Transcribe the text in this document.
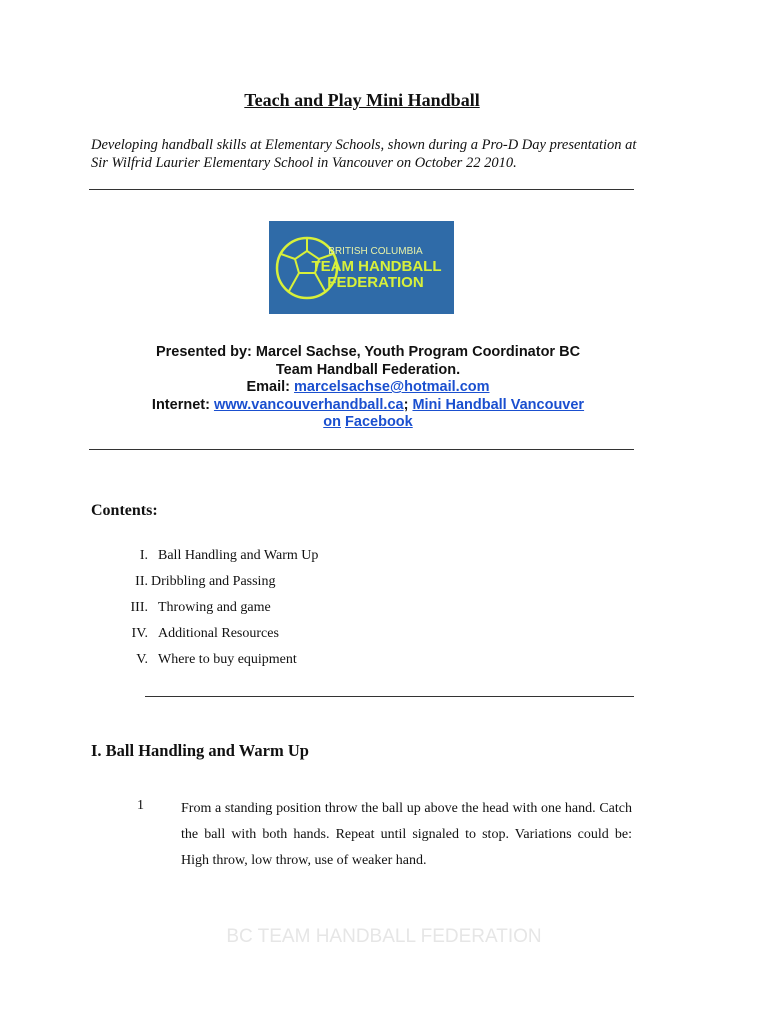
Teach and Play Mini Handball
Developing handball skills at Elementary Schools, shown during a Pro-D Day presentation at Sir Wilfrid Laurier Elementary School in Vancouver on October 22 2010.
BRITISH COLUMBIA
TEAM HANDBALL
FEDERATION
Presented by: Marcel Sachse, Youth Program Coordinator BC
Team Handball Federation.
Email: marcelsachse@hotmail.com
Internet: www.vancouverhandball.ca; Mini Handball Vancouver
on Facebook
Contents:
I. Ball Handling and Warm Up
II. Dribbling and Passing
III. Throwing and game
IV. Additional Resources
V. Where to buy equipment
I. Ball Handling and Warm Up
1	From a standing position throw the ball up above the head with one hand. Catch the ball with both hands. Repeat until signaled to stop. Variations could be: High throw, low throw, use of weaker hand.
BC TEAM HANDBALL FEDERATION
